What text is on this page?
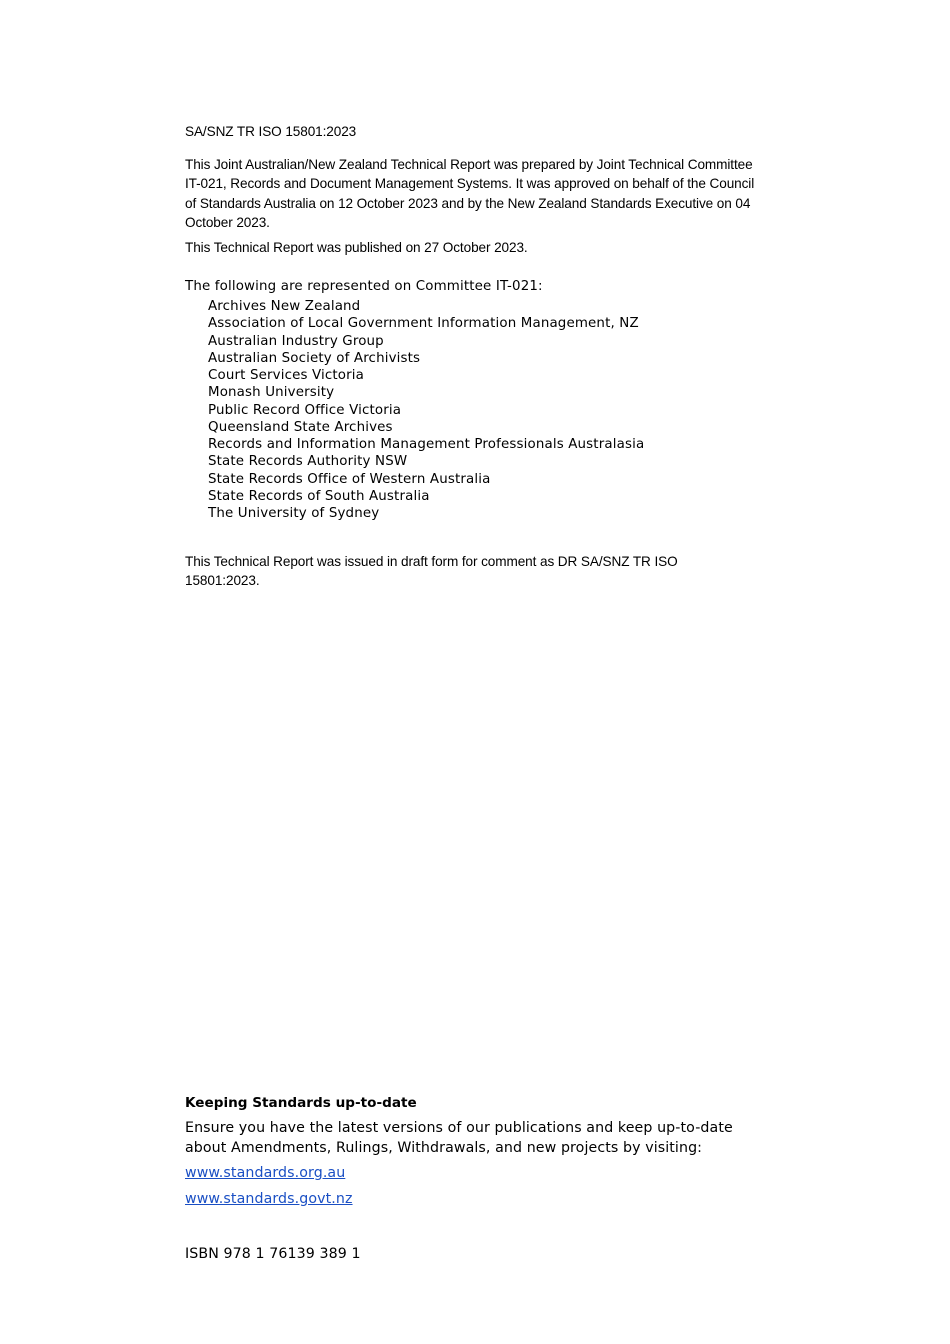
SA/SNZ TR ISO 15801:2023

This Joint Australian/New Zealand Technical Report was prepared by Joint Technical Committee IT-021, Records and Document Management Systems. It was approved on behalf of the Council of Standards Australia on 12 October 2023 and by the New Zealand Standards Executive on 04 October 2023.

This Technical Report was published on 27 October 2023.

The following are represented on Committee IT-021:

Archives New Zealand
Association of Local Government Information Management, NZ
Australian Industry Group
Australian Society of Archivists
Court Services Victoria
Monash University
Public Record Office Victoria
Queensland State Archives
Records and Information Management Professionals Australasia
State Records Authority NSW
State Records Office of Western Australia
State Records of South Australia
The University of Sydney

This Technical Report was issued in draft form for comment as DR SA/SNZ TR ISO 15801:2023.

Keeping Standards up-to-date

Ensure you have the latest versions of our publications and keep up-to-date about Amendments, Rulings, Withdrawals, and new projects by visiting:

www.standards.org.au
www.standards.govt.nz

ISBN 978 1 76139 389 1
